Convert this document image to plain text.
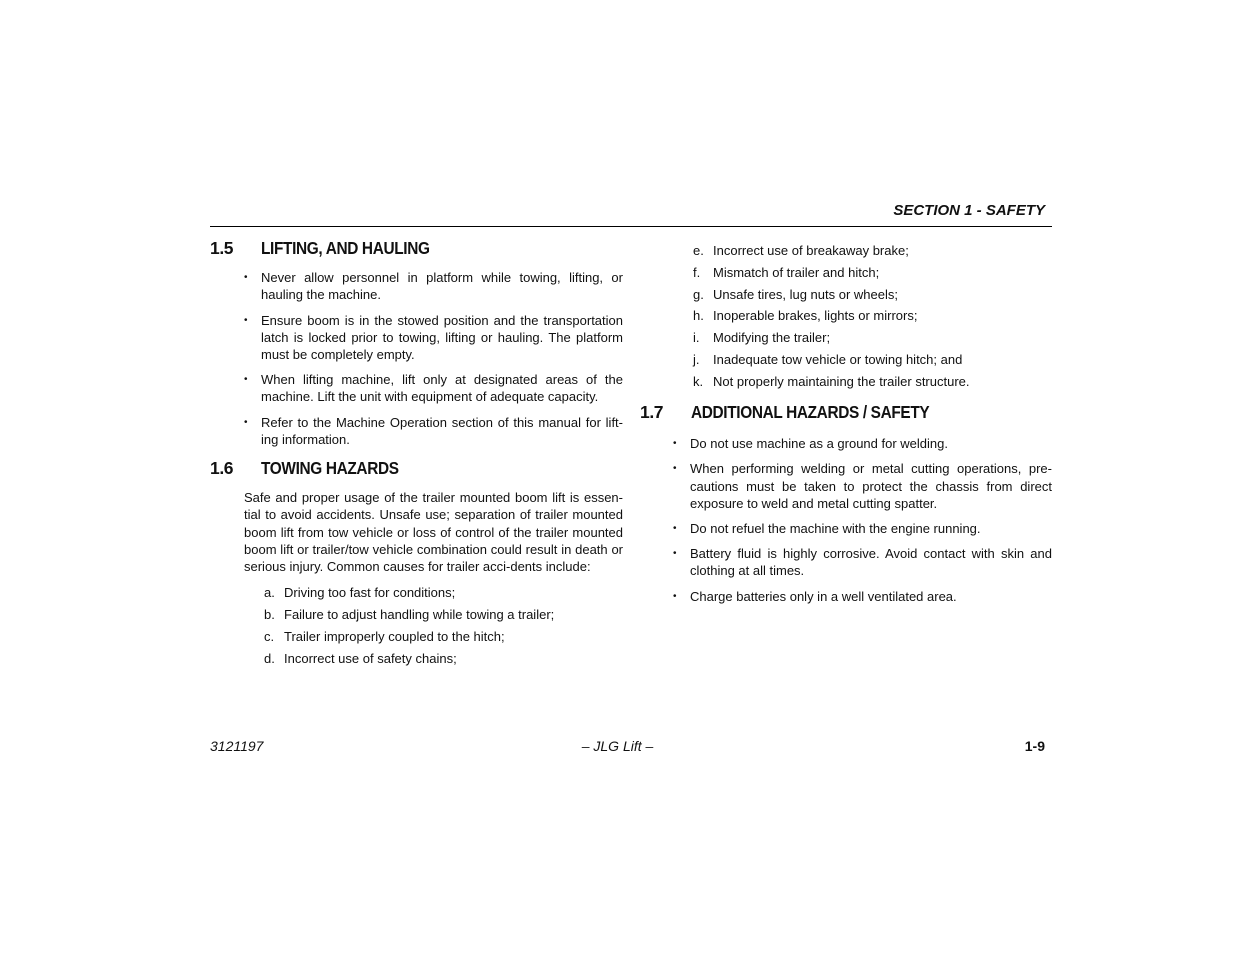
SECTION 1 - SAFETY
1.5	LIFTING, AND HAULING
• Never allow personnel in platform while towing, lifting, or hauling the machine.
• Ensure boom is in the stowed position and the transportation latch is locked prior to towing, lifting or hauling. The platform must be completely empty.
• When lifting machine, lift only at designated areas of the machine. Lift the unit with equipment of adequate capacity.
• Refer to the Machine Operation section of this manual for lift-ing information.
1.6	TOWING HAZARDS

Safe and proper usage of the trailer mounted boom lift is essen-tial to avoid accidents. Unsafe use; separation of trailer mounted boom lift from tow vehicle or loss of control of the trailer mounted boom lift or trailer/tow vehicle combination could result in death or serious injury. Common causes for trailer acci-dents include:

a. Driving too fast for conditions;
b. Failure to adjust handling while towing a trailer;
c. Trailer improperly coupled to the hitch;
d. Incorrect use of safety chains;
e. Incorrect use of breakaway brake;
f. Mismatch of trailer and hitch;
g. Unsafe tires, lug nuts or wheels;
h. Inoperable brakes, lights or mirrors;
i. Modifying the trailer;
j. Inadequate tow vehicle or towing hitch; and
k. Not properly maintaining the trailer structure.
1.7	ADDITIONAL HAZARDS / SAFETY
• Do not use machine as a ground for welding.
• When performing welding or metal cutting operations, pre-cautions must be taken to protect the chassis from direct exposure to weld and metal cutting spatter.
• Do not refuel the machine with the engine running.
• Battery fluid is highly corrosive. Avoid contact with skin and clothing at all times.
• Charge batteries only in a well ventilated area.
– JLG Lift –
3121197	1-9
